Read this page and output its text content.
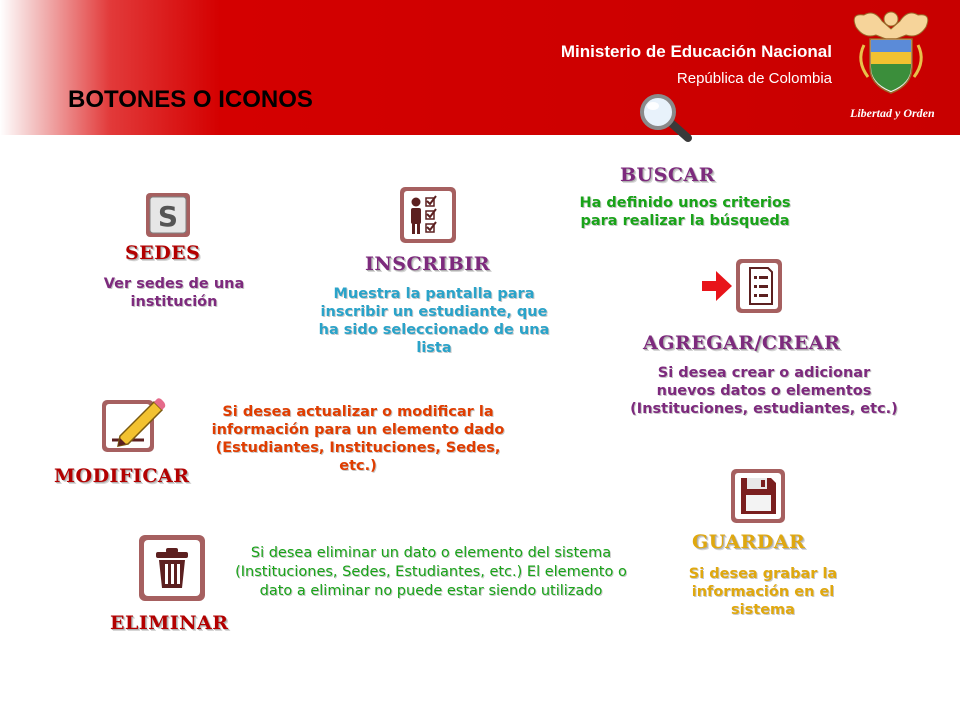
BOTONES O ICONOS
Ministerio de Educación Nacional
República de Colombia
Libertad y Orden
BUSCAR
Ha definido unos criterios para realizar la búsqueda
S
SEDES
Ver sedes de una institución
INSCRIBIR
Muestra la pantalla para inscribir un estudiante, que ha sido seleccionado de una lista	AGREGAR/CREAR
Si desea crear o adicionar nuevos datos o elementos (Instituciones, estudiantes, etc.)
MODIFICAR
Si desea actualizar o modificar la información para un elemento dado (Estudiantes, Instituciones, Sedes, etc.)
GUARDAR
Si desea grabar la información en el sistema
ELIMINAR
Si desea eliminar un dato o elemento del sistema (Instituciones, Sedes, Estudiantes, etc.) El elemento o dato a eliminar no puede estar siendo utilizado
